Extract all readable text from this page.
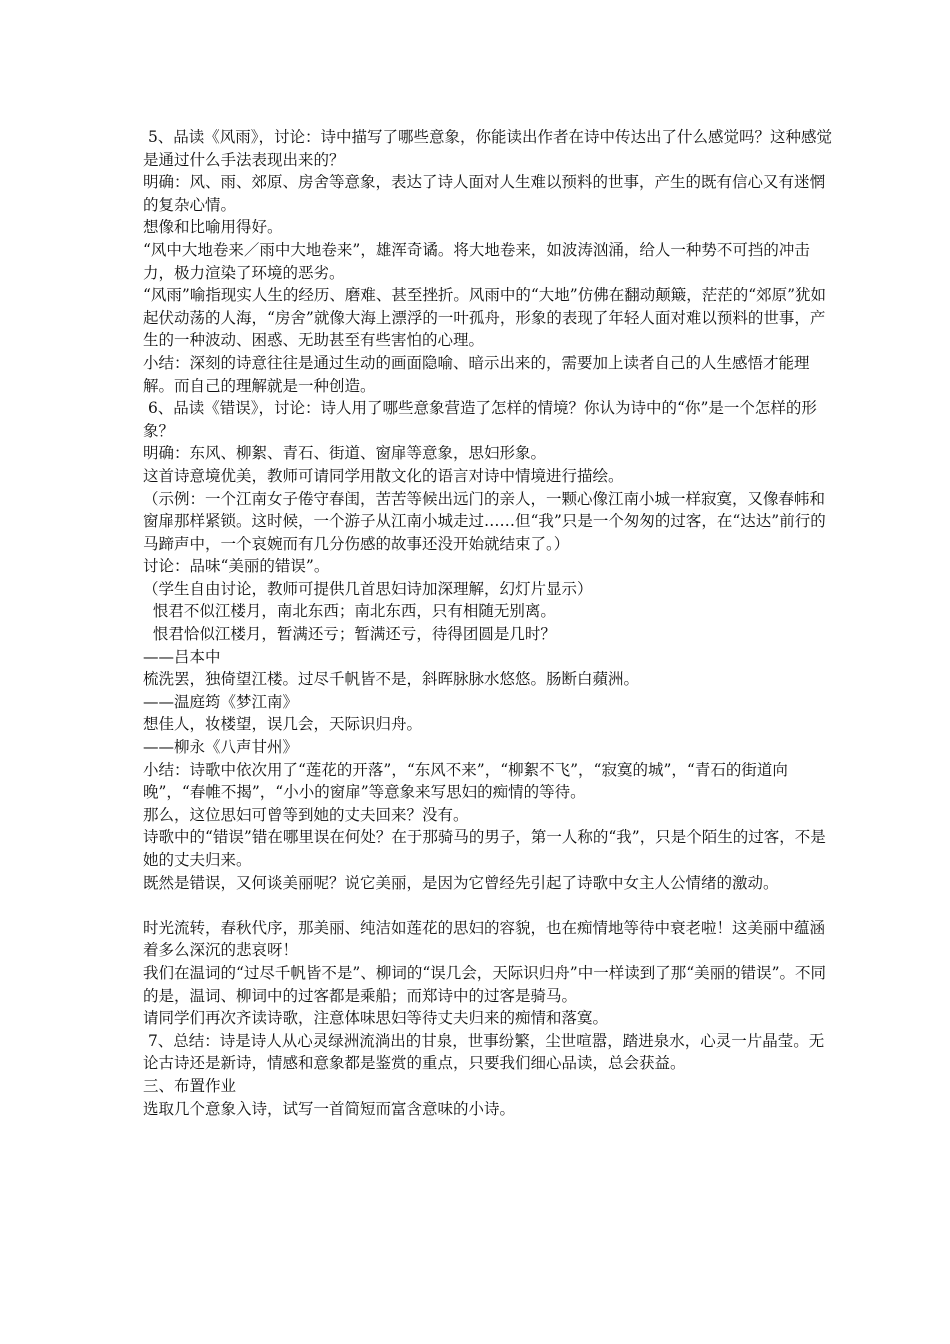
5、品读《风雨》，讨论：诗中描写了哪些意象，你能读出作者在诗中传达出了什么感觉吗？这种感觉是通过什么手法表现出来的？
明确：风、雨、郊原、房舍等意象，表达了诗人面对人生难以预料的世事，产生的既有信心又有迷惘的复杂心情。
想像和比喻用得好。
“风中大地卷来／雨中大地卷来”，雄浑奇谲。将大地卷来，如波涛汹涌，给人一种势不可挡的冲击力，极力渲染了环境的恶劣。
“风雨”喻指现实人生的经历、磨难、甚至挫折。风雨中的“大地”仿佛在翻动颠簸，茫茫的“郊原”犹如起伏动荡的人海，“房舍”就像大海上漂浮的一叶孤舟，形象的表现了年轻人面对难以预料的世事，产生的一种波动、困惑、无助甚至有些害怕的心理。
小结：深刻的诗意往往是通过生动的画面隐喻、暗示出来的，需要加上读者自己的人生感悟才能理解。而自己的理解就是一种创造。
6、品读《错误》，讨论：诗人用了哪些意象营造了怎样的情境？你认为诗中的“你”是一个怎样的形象？
明确：东风、柳絮、青石、街道、窗扉等意象，思妇形象。
这首诗意境优美，教师可请同学用散文化的语言对诗中情境进行描绘。
（示例：一个江南女子倦守春闺，苦苦等候出远门的亲人，一颗心像江南小城一样寂寞，又像春帏和窗扉那样紧锁。这时候，一个游子从江南小城走过……但“我”只是一个匆匆的过客，在“达达”前行的马蹄声中，一个哀婉而有几分伤感的故事还没开始就结束了。）
讨论：品味“美丽的错误”。
（学生自由讨论，教师可提供几首思妇诗加深理解，幻灯片显示）
恨君不似江楼月，南北东西；南北东西，只有相随无别离。
恨君恰似江楼月，暂满还亏；暂满还亏，待得团圆是几时？
——吕本中
梳洗罢，独倚望江楼。过尽千帆皆不是，斜晖脉脉水悠悠。肠断白蘋洲。
——温庭筠《梦江南》
想佳人，妆楼望，误几会，天际识归舟。
——柳永《八声甘州》
小结：诗歌中依次用了“莲花的开落”，“东风不来”，“柳絮不飞”，“寂寞的城”，“青石的街道向晚”，“春帷不揭”，“小小的窗扉”等意象来写思妇的痴情的等待。
那么，这位思妇可曾等到她的丈夫回来？没有。
诗歌中的“错误”错在哪里误在何处？在于那骑马的男子，第一人称的“我”，只是个陌生的过客，不是她的丈夫归来。
既然是错误，又何谈美丽呢？说它美丽，是因为它曾经先引起了诗歌中女主人公情绪的激动。
时光流转，春秋代序，那美丽、纯洁如莲花的思妇的容貌，也在痴情地等待中衰老啦！这美丽中蕴涵着多么深沉的悲哀呀！
我们在温词的“过尽千帆皆不是”、柳词的“误几会，天际识归舟”中一样读到了那“美丽的错误”。不同的是，温词、柳词中的过客都是乘船；而郑诗中的过客是骑马。
请同学们再次齐读诗歌，注意体味思妇等待丈夫归来的痴情和落寞。
7、总结：诗是诗人从心灵绿洲流淌出的甘泉，世事纷繁，尘世喧嚣，踏进泉水，心灵一片晶莹。无论古诗还是新诗，情感和意象都是鉴赏的重点，只要我们细心品读，总会获益。
三、布置作业
选取几个意象入诗，试写一首简短而富含意味的小诗。
